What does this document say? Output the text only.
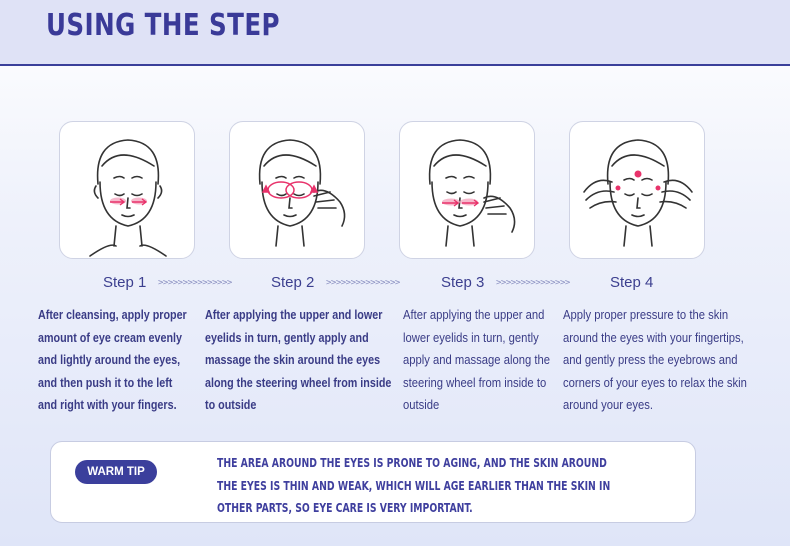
USING THE STEP
Step 1 >>>>>>>>>>>>>>>	Step 2 >>>>>>>>>>>>>>>	Step 3 >>>>>>>>>>>>>>>	Step 4
After cleansing, apply proper
amount of eye cream evenly
and lightly around the eyes,
and then push it to the left
and right with your fingers.
After applying the upper and lower
eyelids in turn, gently apply and
massage the skin around the eyes
along the steering wheel from inside
to outside
After applying the upper and
lower eyelids in turn, gently
apply and massage along the
steering wheel from inside to
outside
Apply proper pressure to the skin
around the eyes with your fingertips,
and gently press the eyebrows and
corners of your eyes to relax the skin
around your eyes.
WARM TIP
THE AREA AROUND THE EYES IS PRONE TO AGING, AND THE SKIN AROUND
THE EYES IS THIN AND WEAK, WHICH WILL AGE EARLIER THAN THE SKIN IN
OTHER PARTS, SO EYE CARE IS VERY IMPORTANT.
